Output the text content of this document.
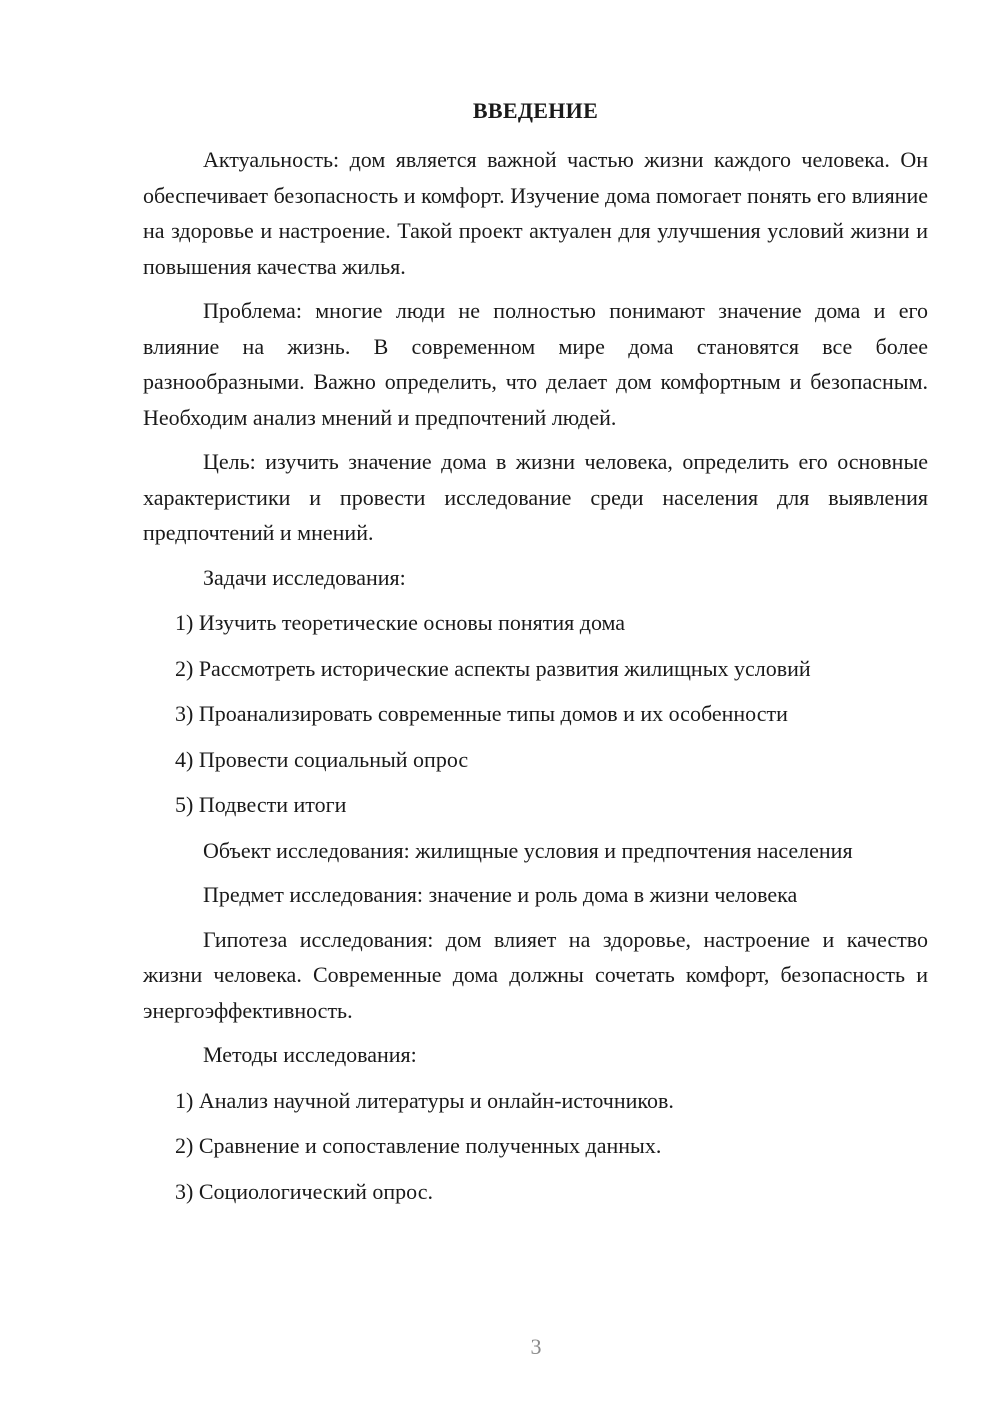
ВВЕДЕНИЕ

Актуальность: дом является важной частью жизни каждого человека. Он обеспечивает безопасность и комфорт. Изучение дома помогает понять его влияние на здоровье и настроение. Такой проект актуален для улучшения условий жизни и повышения качества жилья.

Проблема: многие люди не полностью понимают значение дома и его влияние на жизнь. В современном мире дома становятся все более разнообразными. Важно определить, что делает дом комфортным и безопасным. Необходим анализ мнений и предпочтений людей.

Цель: изучить значение дома в жизни человека, определить его основные характеристики и провести исследование среди населения для выявления предпочтений и мнений.

Задачи исследования:
1) Изучить теоретические основы понятия дома
2) Рассмотреть исторические аспекты развития жилищных условий
3) Проанализировать современные типы домов и их особенности
4) Провести социальный опрос
5) Подвести итоги

Объект исследования: жилищные условия и предпочтения населения

Предмет исследования: значение и роль дома в жизни человека

Гипотеза исследования: дом влияет на здоровье, настроение и качество жизни человека. Современные дома должны сочетать комфорт, безопасность и энергоэффективность.

Методы исследования:
1) Анализ научной литературы и онлайн-источников.
2) Сравнение и сопоставление полученных данных.
3) Социологический опрос.
3
